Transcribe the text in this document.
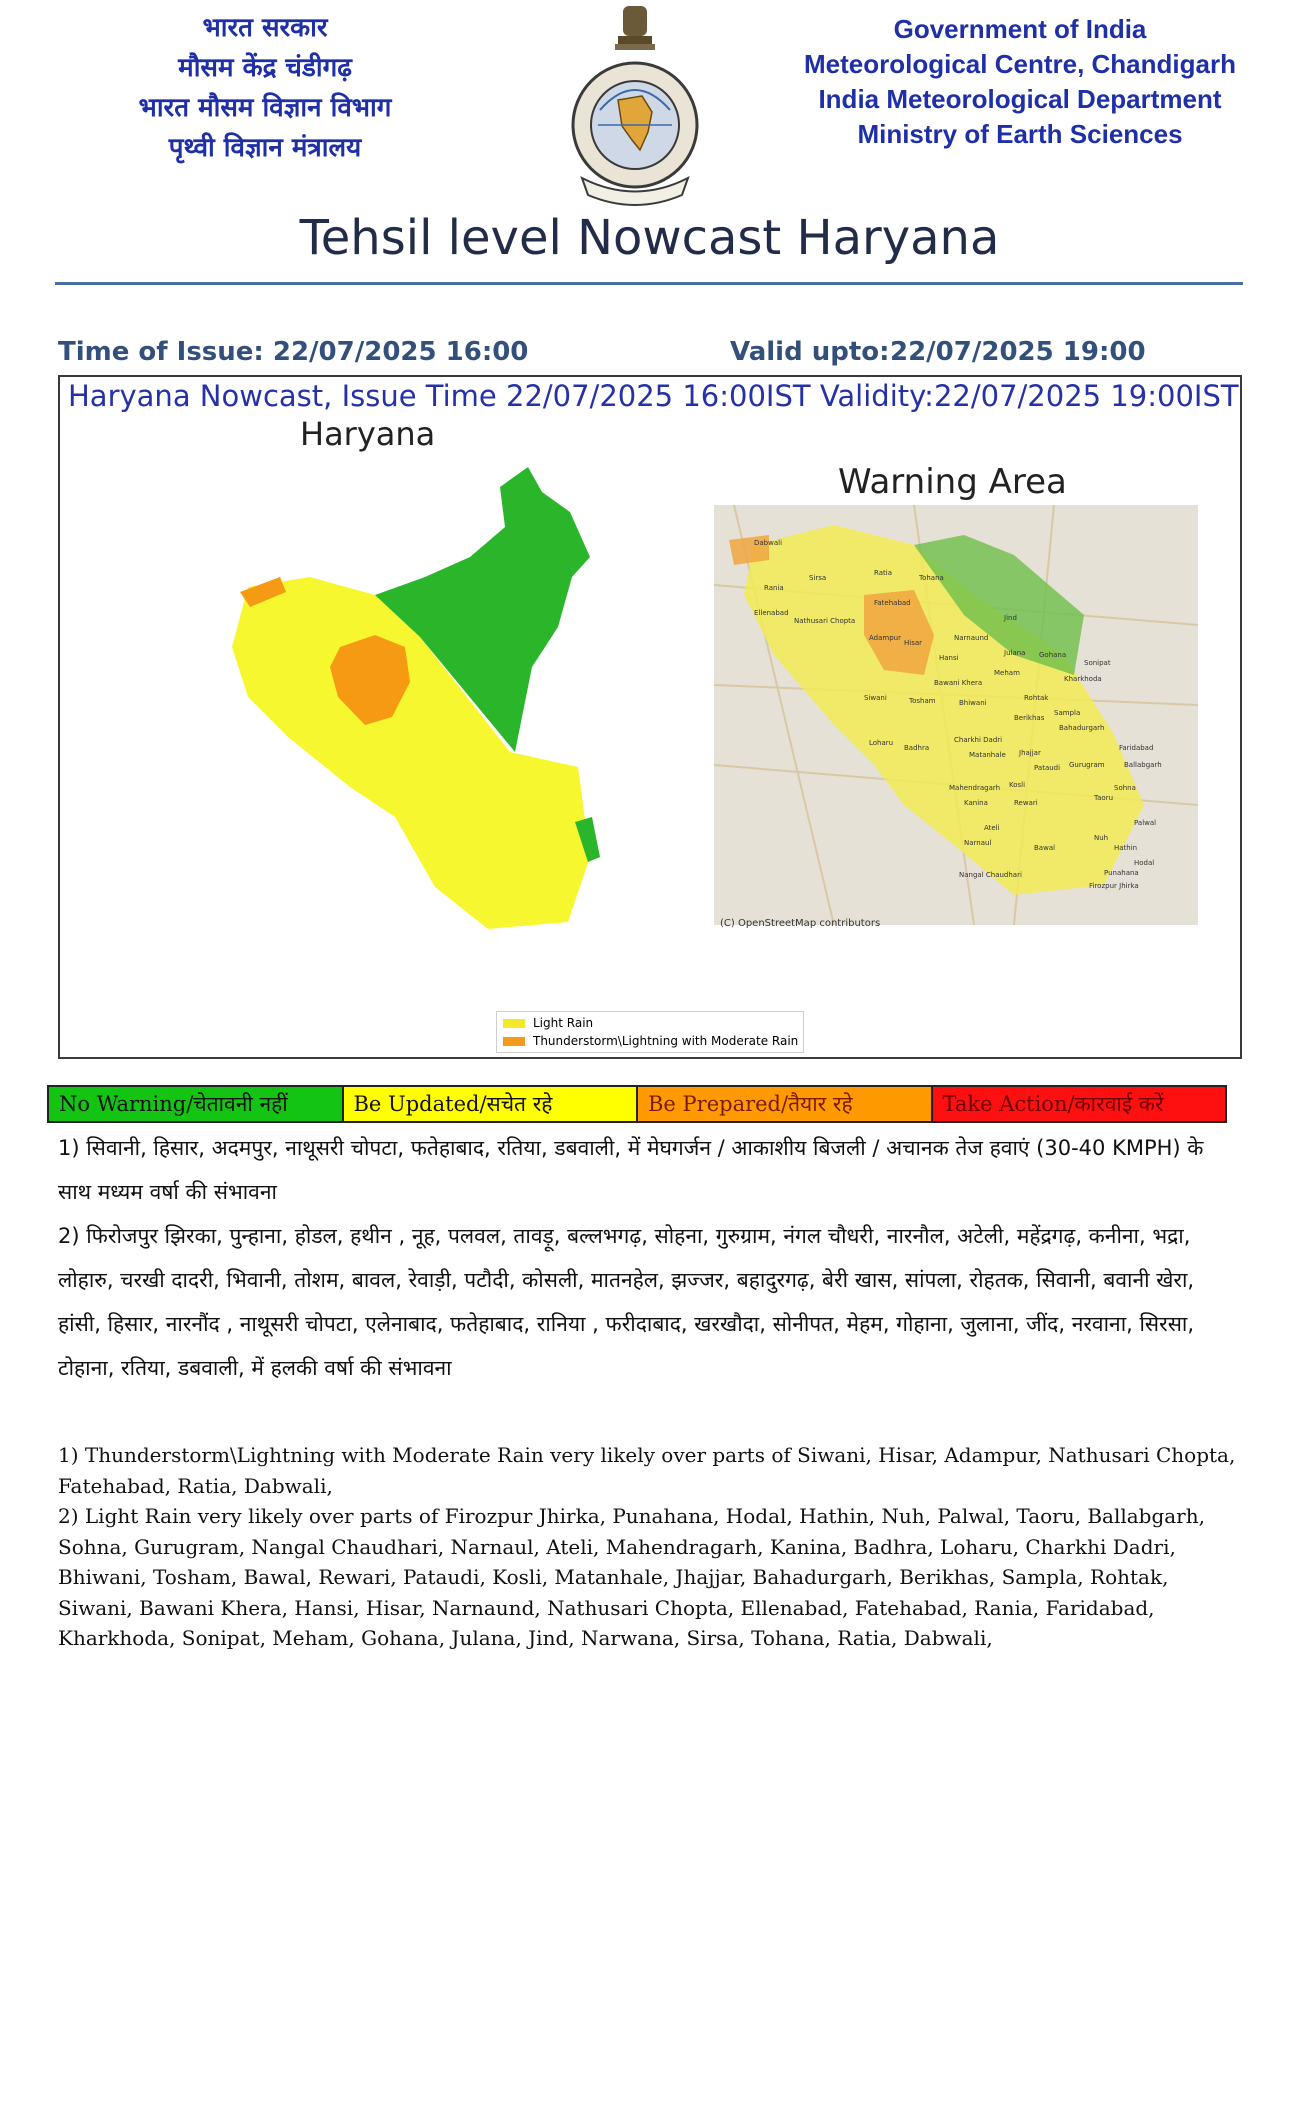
भारत सरकार
मौसम केंद्र चंडीगढ़
भारत मौसम विज्ञान विभाग
पृथ्वी विज्ञान मंत्रालय
Government of India
Meteorological Centre, Chandigarh
India Meteorological Department
Ministry of Earth Sciences
Tehsil level Nowcast Haryana
Time of Issue: 22/07/2025 16:00	Valid upto: 22/07/2025 19:00
Haryana Nowcast, Issue Time 22/07/2025 16:00IST Validity:22/07/2025 19:00IST
Haryana
Warning Area
Dabwali
Rania
Ellenabad
Sirsa
Ratia
Tohana
Fatehabad
Nathusari Chopta
Adampur
Hisar
Narnaund
Jind
Julana Gohana
Sonipat
Kharkhoda
Sampla
Bahadurgarh
Hansi
Meham
Rohtak
Berikhas
Bawani Khera
Bhiwani
Tosham
Siwani
Loharu	Charkhi Dadri
Matanhale Jhajjar
Pataudi Gurugram
Sohna
Faridabad
Ballabgarh
Palwal
Hodal
Nuh
Taoru
Rewari
Kosli
Mahendragarh
Kanina
Ateli
Narnaul
Bawal
Nangal Chaudhari	Punahana
Firozpur Jhirka
Badhra
Hathin
(C) OpenStreetMap contributors
Light Rain
Thunderstorm\Lightning with Moderate Rain
No Warning/चेतावनी नहीं	Be Updated/सचेत रहे	Be Prepared/तैयार रहे	Take Action/कारवाई करें

1) सिवानी, हिसार, अदमपुर, नाथूसरी चोपटा, फतेहाबाद, रतिया, डबवाली, में मेघगर्जन / आकाशीय बिजली / अचानक तेज हवाएं (30-40 KMPH) के साथ मध्यम वर्षा की संभावना

2) फिरोजपुर झिरका, पुन्हाना, होडल, हथीन , नूह, पलवल, तावड़ू, बल्लभगढ़, सोहना, गुरुग्राम, नंगल चौधरी, नारनौल, अटेली, महेंद्रगढ़, कनीना, भद्रा, लोहारु, चरखी दादरी, भिवानी, तोशम, बावल, रेवाड़ी, पटौदी, कोसली, मातनहेल, झज्जर, बहादुरगढ़, बेरी खास, सांपला, रोहतक, सिवानी, बवानी खेरा, हांसी, हिसार, नारनौंद , नाथूसरी चोपटा, एलेनाबाद, फतेहाबाद, रानिया , फरीदाबाद, खरखौदा, सोनीपत, मेहम, गोहाना, जुलाना, जींद, नरवाना, सिरसा, टोहाना, रतिया, डबवाली, में हलकी वर्षा की संभावना

1) Thunderstorm\Lightning with Moderate Rain very likely over parts of Siwani, Hisar, Adampur, Nathusari Chopta, Fatehabad, Ratia, Dabwali,

2) Light Rain very likely over parts of Firozpur Jhirka, Punahana, Hodal, Hathin, Nuh, Palwal, Taoru, Ballabgarh, Sohna, Gurugram, Nangal Chaudhari, Narnaul, Ateli, Mahendragarh, Kanina, Badhra, Loharu, Charkhi Dadri, Bhiwani, Tosham, Bawal, Rewari, Pataudi, Kosli, Matanhale, Jhajjar, Bahadurgarh, Berikhas, Sampla, Rohtak, Siwani, Bawani Khera, Hansi, Hisar, Narnaund, Nathusari Chopta, Ellenabad, Fatehabad, Rania, Faridabad, Kharkhoda, Sonipat, Meham, Gohana, Julana, Jind, Narwana, Sirsa, Tohana, Ratia, Dabwali,
